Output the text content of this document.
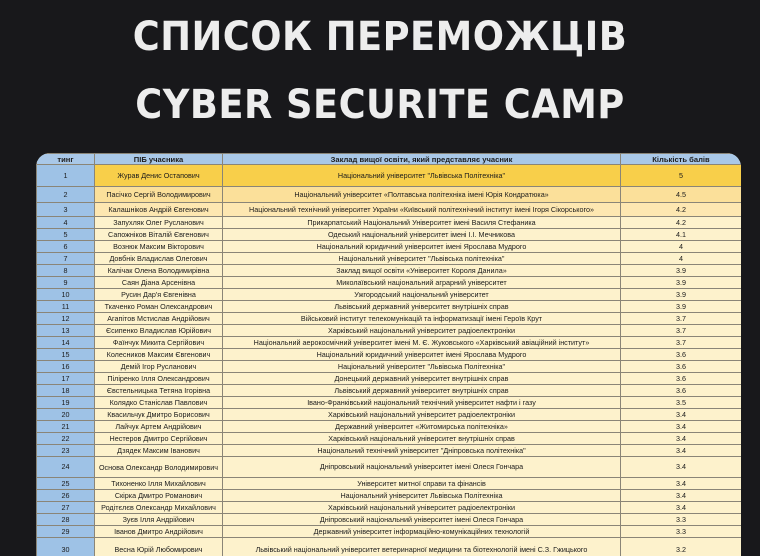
СПИСОК ПЕРЕМОЖЦІВ
CYBER SECURITE CAMP
тинг	ПІБ учасника	Заклад вищої освіти, який представляє учасник	Кількість балів
1	Журав Денис Остапович	Національний університет "Львівська Політехніка"	5
2	Пасічко Сергій Володимирович	Національний університет «Полтавська політехніка імені Юрія Кондратюка»	4.5
3	Калашніков Андрій Євгенович	Національний технічний університет України «Київський політехнічний інститут імені Ігоря Сікорського»	4.2
4	Запухляк Олег Русланович	Прикарпатський Національний Університет імені Василя Стефаника	4.2
5	Сапожніков Віталій Євгенович	Одеський національний університет імені І.І. Мечникова	4.1
6	Вознюк Максим Вікторович	Національний юридичний університет імені Ярослава Мудрого	4
7	Довбнік Владислав Олегович	Національний університет "Львівська політехніка"	4
8	Калічак Олена Володимирівна	Заклад вищої освіти «Університет Короля Данила»	3.9
9	Саян Діана Арсенівна	Миколаївський національний аграрний університет	3.9
10	Русин Дар'я Євгенівна	Ужгородський національний університет	3.9
11	Ткаченко Роман Олександрович	Львівський державний університет внутрішніх справ	3.9
12	Агапітов Мстислав Андрійович	Військовий інститут телекомунікацій та інформатизації імені Героїв Крут	3.7
13	Єсипенко Владислав Юрійович	Харківський національний університет радіоелектроніки	3.7
14	Фаїнчук Микита Сергійович	Національний аерокосмічний університет імені М. Є. Жуковського «Харківський авіаційний інститут»	3.7
15	Колесников Максим Євгенович	Національний юридичний університет імені Ярослава Мудрого	3.6
16	Демій Ігор Русланович	Національний університет "Львівська Політехніка"	3.6
17	Пілipенко Ілля Олександрович	Донецький державний університет внутрішніх справ	3.6
18	Євстельницька Тетяна Ігорівна	Львівський державний університет внутрішніх справ	3.6
19	Колядко Станіслав Павлович	Івано-Франківський національний технічний університет нафти і газу	3.5
20	Квасильчук Дмитро Борисович	Харківський національний університет радіоелектроніки	3.4
21	Лайчук Артем Андрійович	Державний університет «Житомирська політехніка»	3.4
22	Нестеров Дмитро Сергійович	Харківський національний університет внутрішніх справ	3.4
23	Дзядек Максим Іванович	Національний технічний університет "Дніпровська політехніка"	3.4
24	Основа Олександр Володимирович	Дніпровський національний університет імені Олеся Гончара	3.4
25	Тихоненко Ілля Михайлович	Університет митної справи та фінансів	3.4
26	Скірка Дмитро Романович	Національний університет Львівська Політехніка	3.4
27	Родітєлєв Олександр Михайлович	Харківський національний університет радіоелектроніки	3.4
28	Зуєв Ілля Андрійович	Дніпровський національний університет імені Олеся Гончара	3.3
29	Іванов Дмитро Андрійович	Державний університет інформаційно-комунікаційних технологій	3.3
30	Весна Юрій Любомирович	Львівський національний університет ветеринарної медицини та біотехнологій імені С.З. Гжицького	3.2
